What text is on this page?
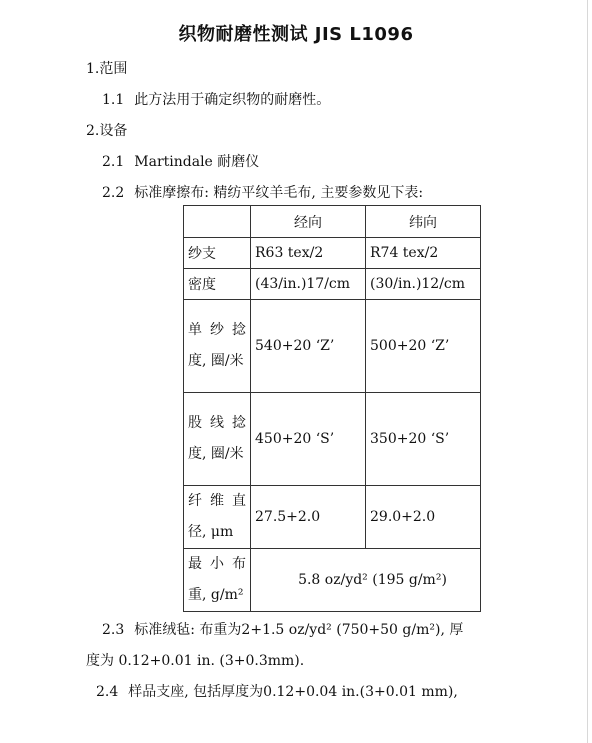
织物耐磨性测试 JIS L1096
1.范围
1.1 此方法用于确定织物的耐磨性。
2.设备
2.1 Martindale 耐磨仪
2.2 标准摩擦布: 精纺平纹羊毛布, 主要参数见下表:
	经向	纬向
纱支	R63 tex/2	R74 tex/2
密度	(43/in.)17/cm	(30/in.)12/cm
单纱捻度, 圈/米	540+20 ‘Z’	500+20 ‘Z’
股线捻度, 圈/米	450+20 ‘S’	350+20 ‘S’
纤维直径, μm	27.5+2.0	29.0+2.0
最小布重, g/m²	5.8 oz/yd² (195 g/m²)	
2.3 标准绒毡: 布重为2+1.5 oz/yd² (750+50 g/m²), 厚
度为 0.12+0.01 in. (3+0.3mm).
2.4 样品支座, 包括厚度为0.12+0.04 in.(3+0.01 mm),
